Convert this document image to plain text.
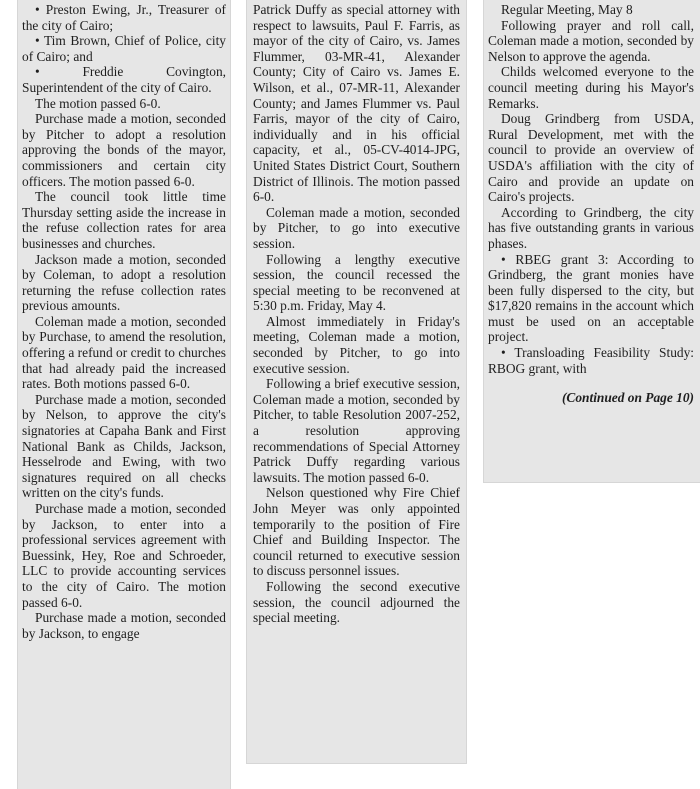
• Preston Ewing, Jr., Treasurer of the city of Cairo;

• Tim Brown, Chief of Police, city of Cairo; and

• Freddie Covington, Superintendent of the city of Cairo.

The motion passed 6-0.

Purchase made a motion, seconded by Pitcher to adopt a resolution approving the bonds of the mayor, commissioners and certain city officers. The motion passed 6-0.

The council took little time Thursday setting aside the increase in the refuse collection rates for area businesses and churches.

Jackson made a motion, seconded by Coleman, to adopt a resolution returning the refuse collection rates previous amounts.

Coleman made a motion, seconded by Purchase, to amend the resolution, offering a refund or credit to churches that had already paid the increased rates. Both motions passed 6-0.

Purchase made a motion, seconded by Nelson, to approve the city's signatories at Capaha Bank and First National Bank as Childs, Jackson, Hesselrode and Ewing, with two signatures required on all checks written on the city's funds.

Purchase made a motion, seconded by Jackson, to enter into a professional services agreement with Buessink, Hey, Roe and Schroeder, LLC to provide accounting services to the city of Cairo. The motion passed 6-0.

Purchase made a motion, seconded by Jackson, to engage

Patrick Duffy as special attorney with respect to lawsuits, Paul F. Farris, as mayor of the city of Cairo, vs. James Flummer, 03-MR-41, Alexander County; City of Cairo vs. James E. Wilson, et al., 07-MR-11, Alexander County; and James Flummer vs. Paul Farris, mayor of the city of Cairo, individually and in his official capacity, et al., 05-CV-4014-JPG, United States District Court, Southern District of Illinois. The motion passed 6-0.

Coleman made a motion, seconded by Pitcher, to go into executive session.

Following a lengthy executive session, the council recessed the special meeting to be reconvened at 5:30 p.m. Friday, May 4.

Almost immediately in Friday's meeting, Coleman made a motion, seconded by Pitcher, to go into executive session.

Following a brief executive session, Coleman made a motion, seconded by Pitcher, to table Resolution 2007-252, a resolution approving recommendations of Special Attorney Patrick Duffy regarding various lawsuits. The motion passed 6-0.

Nelson questioned why Fire Chief John Meyer was only appointed temporarily to the position of Fire Chief and Building Inspector. The council returned to executive session to discuss personnel issues.

Following the second executive session, the council adjourned the special meeting.

Regular Meeting, May 8

Following prayer and roll call, Coleman made a motion, seconded by Nelson to approve the agenda.

Childs welcomed everyone to the council meeting during his Mayor's Remarks.

Doug Grindberg from USDA, Rural Development, met with the council to provide an overview of USDA's affiliation with the city of Cairo and provide an update on Cairo's projects.

According to Grindberg, the city has five outstanding grants in various phases.

• RBEG grant 3: According to Grindberg, the grant monies have been fully dispersed to the city, but $17,820 remains in the account which must be used on an acceptable project.

• Transloading Feasibility Study: RBOG grant, with

(Continued on Page 10)
